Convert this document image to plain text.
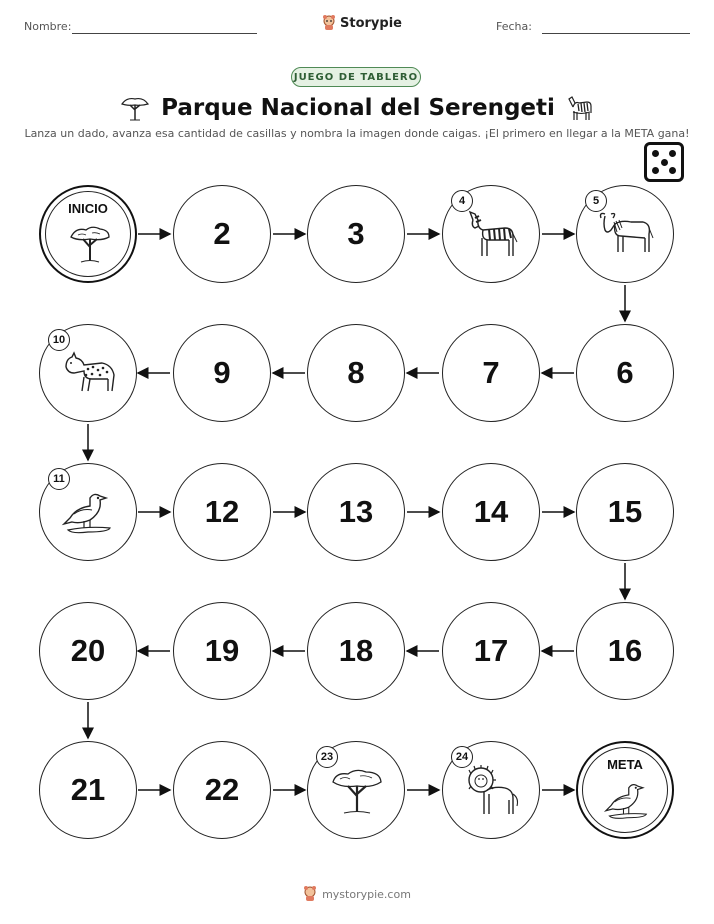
Nombre:	Storypie	Fecha:
JUEGO DE TABLERO
Parque Nacional del Serengeti
Lanza un dado, avanza esa cantidad de casillas y nombra la imagen donde caigas. ¡El primero en llegar a la META gana!
INICIO
2	3
4	5
6
7
8
9
10
11
12	13	14	15
16
17
18
19
20
21	22
23	24	META
mystorypie.com
